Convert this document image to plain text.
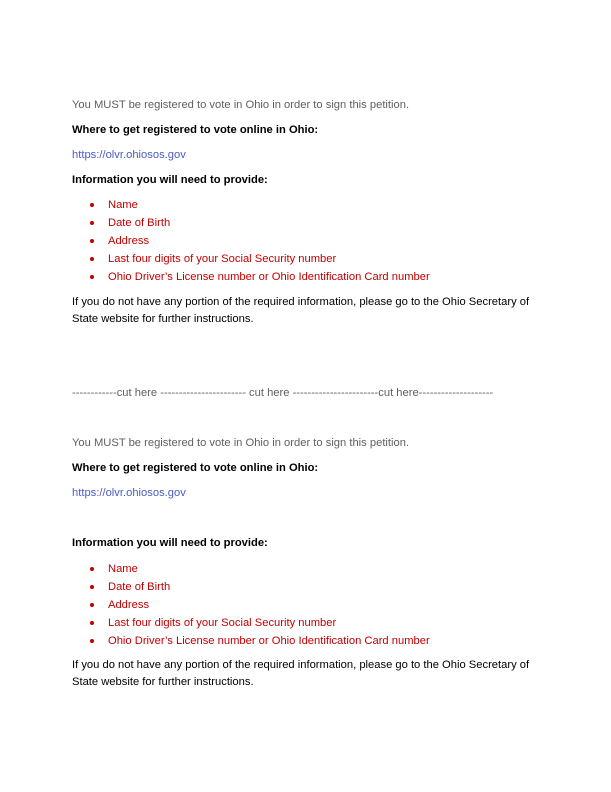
You MUST be registered to vote in Ohio in order to sign this petition.
Where to get registered to vote online in Ohio:
https://olvr.ohiosos.gov
Information you will need to provide:
Name
Date of Birth
Address
Last four digits of your Social Security number
Ohio Driver’s License number or Ohio Identification Card number
If you do not have any portion of the required information, please go to the Ohio Secretary of State website for further instructions.
------------cut here ----------------------- cut here -----------------------cut here--------------------
You MUST be registered to vote in Ohio in order to sign this petition.
Where to get registered to vote online in Ohio:
https://olvr.ohiosos.gov
Information you will need to provide:
Name
Date of Birth
Address
Last four digits of your Social Security number
Ohio Driver’s License number or Ohio Identification Card number
If you do not have any portion of the required information, please go to the Ohio Secretary of State website for further instructions.
